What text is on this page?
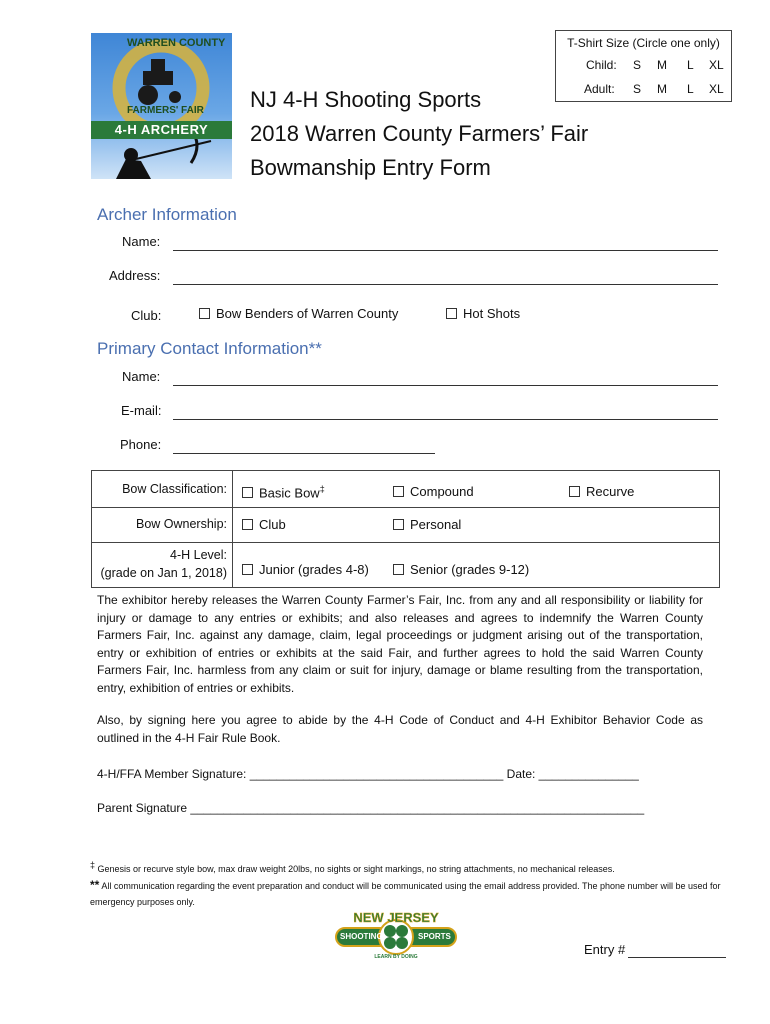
WARREN COUNTY
FARMERS' FAIR
4-H ARCHERY
NJ 4-H Shooting Sports
2018 Warren County Farmers’ Fair
Bowmanship Entry Form
T-Shirt Size (Circle one only)
Child: S M L XL
Adult: S M L XL
Archer Information
Name:
Address:
Club:	Bow Benders of Warren County	Hot Shots
Primary Contact Information**
Name:
E-mail:
Phone:
Bow Classification:	Basic Bow‡	Compound	Recurve
Bow Ownership:	Club	Personal
4-H Level:
(grade on Jan 1, 2018)	Junior (grades 4-8)	Senior (grades 9-12)
The exhibitor hereby releases the Warren County Farmer’s Fair, Inc. from any and all responsibility or liability for injury or damage to any entries or exhibits; and also releases and agrees to indemnify the Warren County Farmers Fair, Inc. against any damage, claim, legal proceedings or judgment arising out of the transportation, entry or exhibition of entries or exhibits at the said Fair, and further agrees to hold the said Warren County Farmers Fair, Inc. harmless from any claim or suit for injury, damage or blame resulting from the transportation, entry, exhibition of entries or exhibits.
Also, by signing here you agree to abide by the 4-H Code of Conduct and 4-H Exhibitor Behavior Code as outlined in the 4-H Fair Rule Book.
4-H/FFA Member Signature: ______________________________________ Date: _______________
Parent Signature ____________________________________________________________________
‡ Genesis or recurve style bow, max draw weight 20lbs, no sights or sight markings, no string attachments, no mechanical releases.
** All communication regarding the event preparation and conduct will be communicated using the email address provided. The phone number will be used for emergency purposes only.
NEW JERSEY
SHOOTING	SPORTS
LEARN BY DOING	Entry #
